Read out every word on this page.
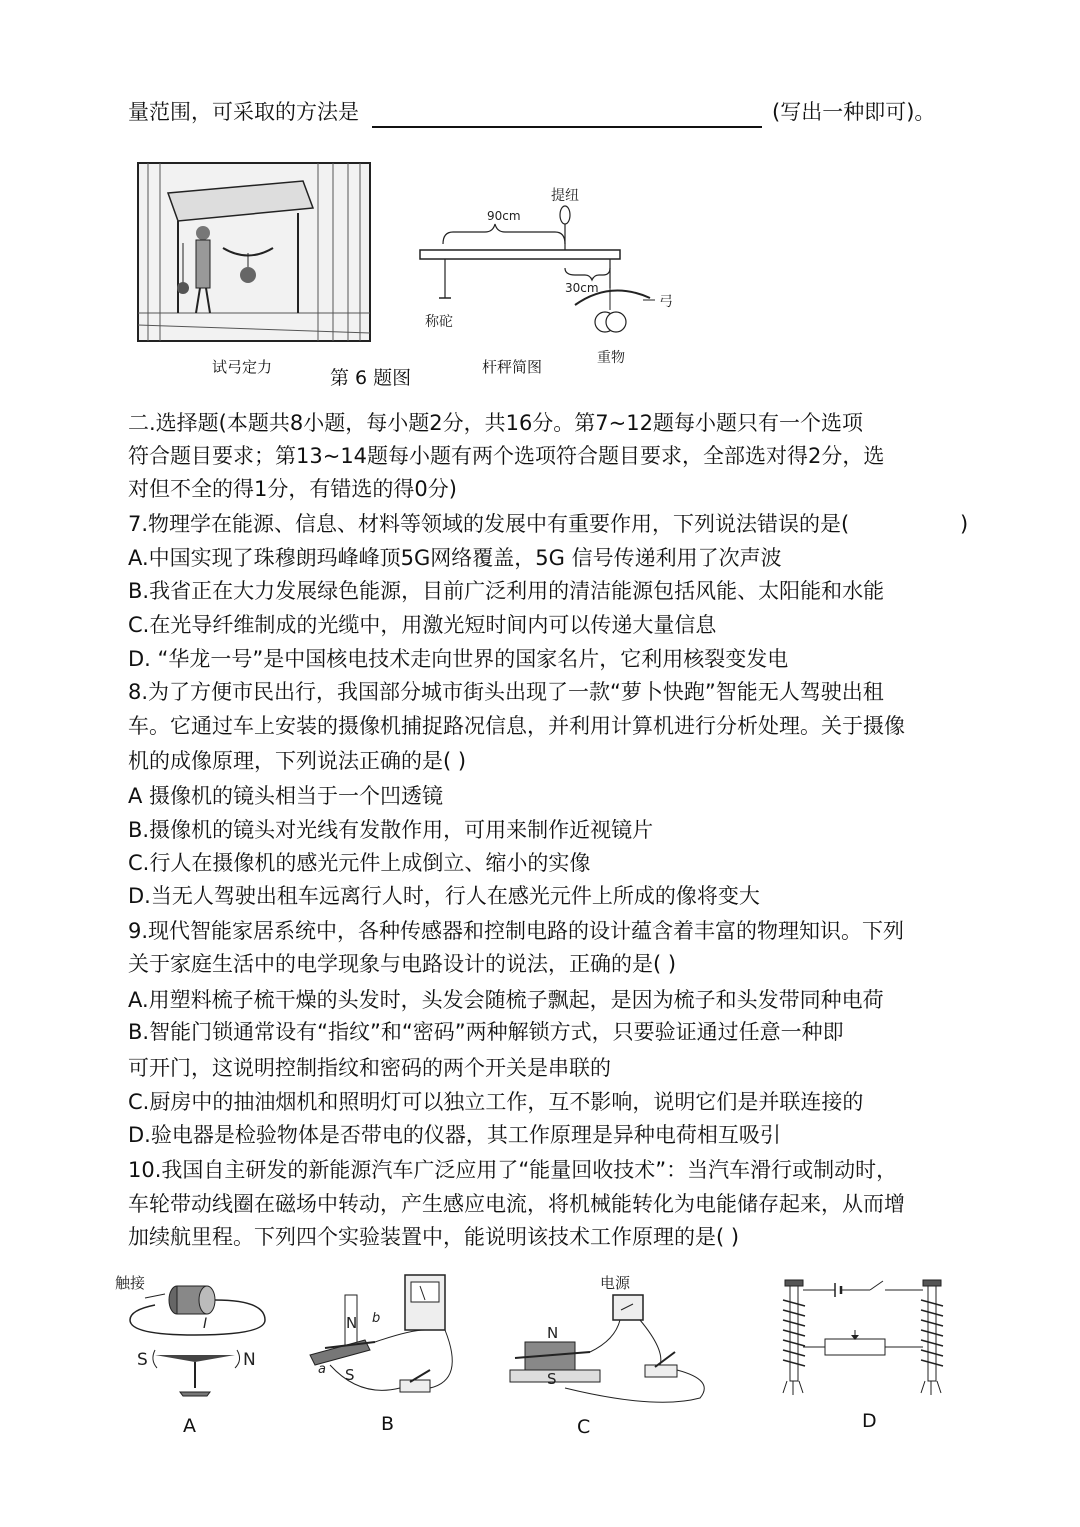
量范围，可采取的方法是	(写出一种即可)。
试弓定力	第 6 题图
提纽
90cm
30cm
称砣
弓
重物
杆秤简图
二.选择题(本题共8小题，每小题2分，共16分。第7~12题每小题只有一个选项
符合题目要求；第13~14题每小题有两个选项符合题目要求，全部选对得2分，选
对但不全的得1分，有错选的得0分)
7.物理学在能源、信息、材料等领域的发展中有重要作用，下列说法错误的是(	)
A.中国实现了珠穆朗玛峰峰顶5G网络覆盖，5G 信号传递利用了次声波
B.我省正在大力发展绿色能源，目前广泛利用的清洁能源包括风能、太阳能和水能
C.在光导纤维制成的光缆中，用激光短时间内可以传递大量信息
D. “华龙一号”是中国核电技术走向世界的国家名片，它利用核裂变发电
8.为了方便市民出行，我国部分城市街头出现了一款“萝卜快跑”智能无人驾驶出租
车。它通过车上安装的摄像机捕捉路况信息，并利用计算机进行分析处理。关于摄像
机的成像原理，下列说法正确的是( )
A 摄像机的镜头相当于一个凹透镜
B.摄像机的镜头对光线有发散作用，可用来制作近视镜片
C.行人在摄像机的感光元件上成倒立、缩小的实像
D.当无人驾驶出租车远离行人时，行人在感光元件上所成的像将变大
9.现代智能家居系统中，各种传感器和控制电路的设计蕴含着丰富的物理知识。下列
关于家庭生活中的电学现象与电路设计的说法，正确的是( )
A.用塑料梳子梳干燥的头发时，头发会随梳子飘起，是因为梳子和头发带同种电荷
B.智能门锁通常设有“指纹”和“密码”两种解锁方式，只要验证通过任意一种即
可开门，这说明控制指纹和密码的两个开关是串联的
C.厨房中的抽油烟机和照明灯可以独立工作，互不影响，说明它们是并联连接的
D.验电器是检验物体是否带电的仪器，其工作原理是异种电荷相互吸引
10.我国自主研发的新能源汽车广泛应用了“能量回收技术”：当汽车滑行或制动时，
车轮带动线圈在磁场中转动，产生感应电流，将机械能转化为电能储存起来，从而增
加续航里程。下列四个实验装置中，能说明该技术工作原理的是( )
触接
I
S	N
A
N b
a S
B
电源
N
S
C	D
